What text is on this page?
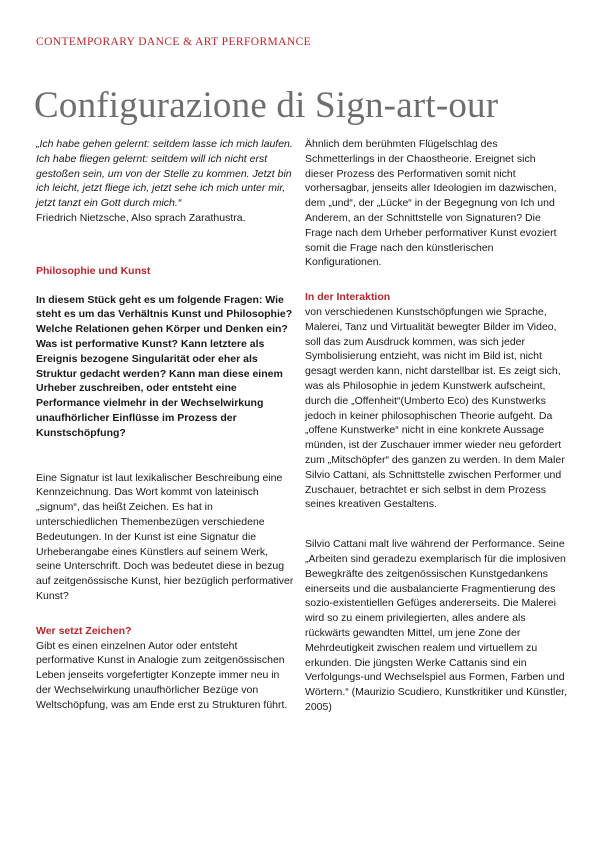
CONTEMPORARY DANCE & ART PERFORMANCE
Configurazione di Sign-art-our

„Ich habe gehen gelernt: seitdem lasse ich mich laufen. Ich habe fliegen gelernt: seitdem will ich nicht erst gestoßen sein, um von der Stelle zu kommen. Jetzt bin ich leicht, jetzt fliege ich, jetzt sehe ich mich unter mir, jetzt tanzt ein Gott durch mich.“

Friedrich Nietzsche, Also sprach Zarathustra.

Philosophie und Kunst

In diesem Stück geht es um folgende Fragen: Wie steht es um das Verhältnis Kunst und Philosophie? Welche Relationen gehen Körper und Denken ein? Was ist performative Kunst? Kann letztere als Ereignis bezogene Singularität oder eher als Struktur gedacht werden? Kann man diese einem Urheber zuschreiben, oder entsteht eine Performance vielmehr in der Wechselwirkung unaufhörlicher Einflüsse im Prozess der Kunstschöpfung?

Eine Signatur ist laut lexikalischer Beschreibung eine Kennzeichnung. Das Wort kommt von lateinisch „signum“, das heißt Zeichen. Es hat in unterschiedlichen Themenbezügen verschiedene Bedeutungen. In der Kunst ist eine Signatur die Urheberangabe eines Künstlers auf seinem Werk, seine Unterschrift. Doch was bedeutet diese in bezug auf zeitgenössische Kunst, hier bezüglich performativer Kunst?

Wer setzt Zeichen?

Gibt es einen einzelnen Autor oder entsteht performative Kunst in Analogie zum zeitgenössischen Leben jenseits vorgefertigter Konzepte immer neu in der Wechselwirkung unaufhörlicher Bezüge von Weltschöpfung, was am Ende erst zu Strukturen führt.

Ähnlich dem berühmten Flügelschlag des Schmetterlings in der Chaostheorie. Ereignet sich dieser Prozess des Performativen somit nicht vorhersagbar, jenseits aller Ideologien im dazwischen, dem „und“, der „Lücke“ in der Begegnung von Ich und Anderem, an der Schnittstelle von Signaturen? Die Frage nach dem Urheber performativer Kunst evoziert somit die Frage nach den künstlerischen Konfigurationen.

In der Interaktion

von verschiedenen Kunstschöpfungen wie Sprache, Malerei, Tanz und Virtualität bewegter Bilder im Video, soll das zum Ausdruck kommen, was sich jeder Symbolisierung entzieht, was nicht im Bild ist, nicht gesagt werden kann, nicht darstellbar ist. Es zeigt sich, was als Philosophie in jedem Kunstwerk aufscheint, durch die „Offenheit“(Umberto Eco) des Kunstwerks jedoch in keiner philosophischen Theorie aufgeht. Da „offene Kunstwerke“ nicht in eine konkrete Aussage münden, ist der Zuschauer immer wieder neu gefordert zum „Mitschöpfer“ des ganzen zu werden. In dem Maler Silvio Cattani, als Schnittstelle zwischen Performer und Zuschauer, betrachtet er sich selbst in dem Prozess seines kreativen Gestaltens.

Silvio Cattani malt live während der Performance. Seine „Arbeiten sind geradezu exemplarisch für die implosiven Bewegkräfte des zeitgenössischen Kunstgedankens einerseits und die ausbalancierte Fragmentierung des sozio-existentiellen Gefüges andererseits. Die Malerei wird so zu einem privilegierten, alles andere als rückwärts gewandten Mittel, um jene Zone der Mehrdeutigkeit zwischen realem und virtuellem zu erkunden. Die jüngsten Werke Cattanis sind ein Verfolgungs-und Wechselspiel aus Formen, Farben und Wörtern.“ (Maurizio Scudiero, Kunstkritiker und Künstler, 2005)
